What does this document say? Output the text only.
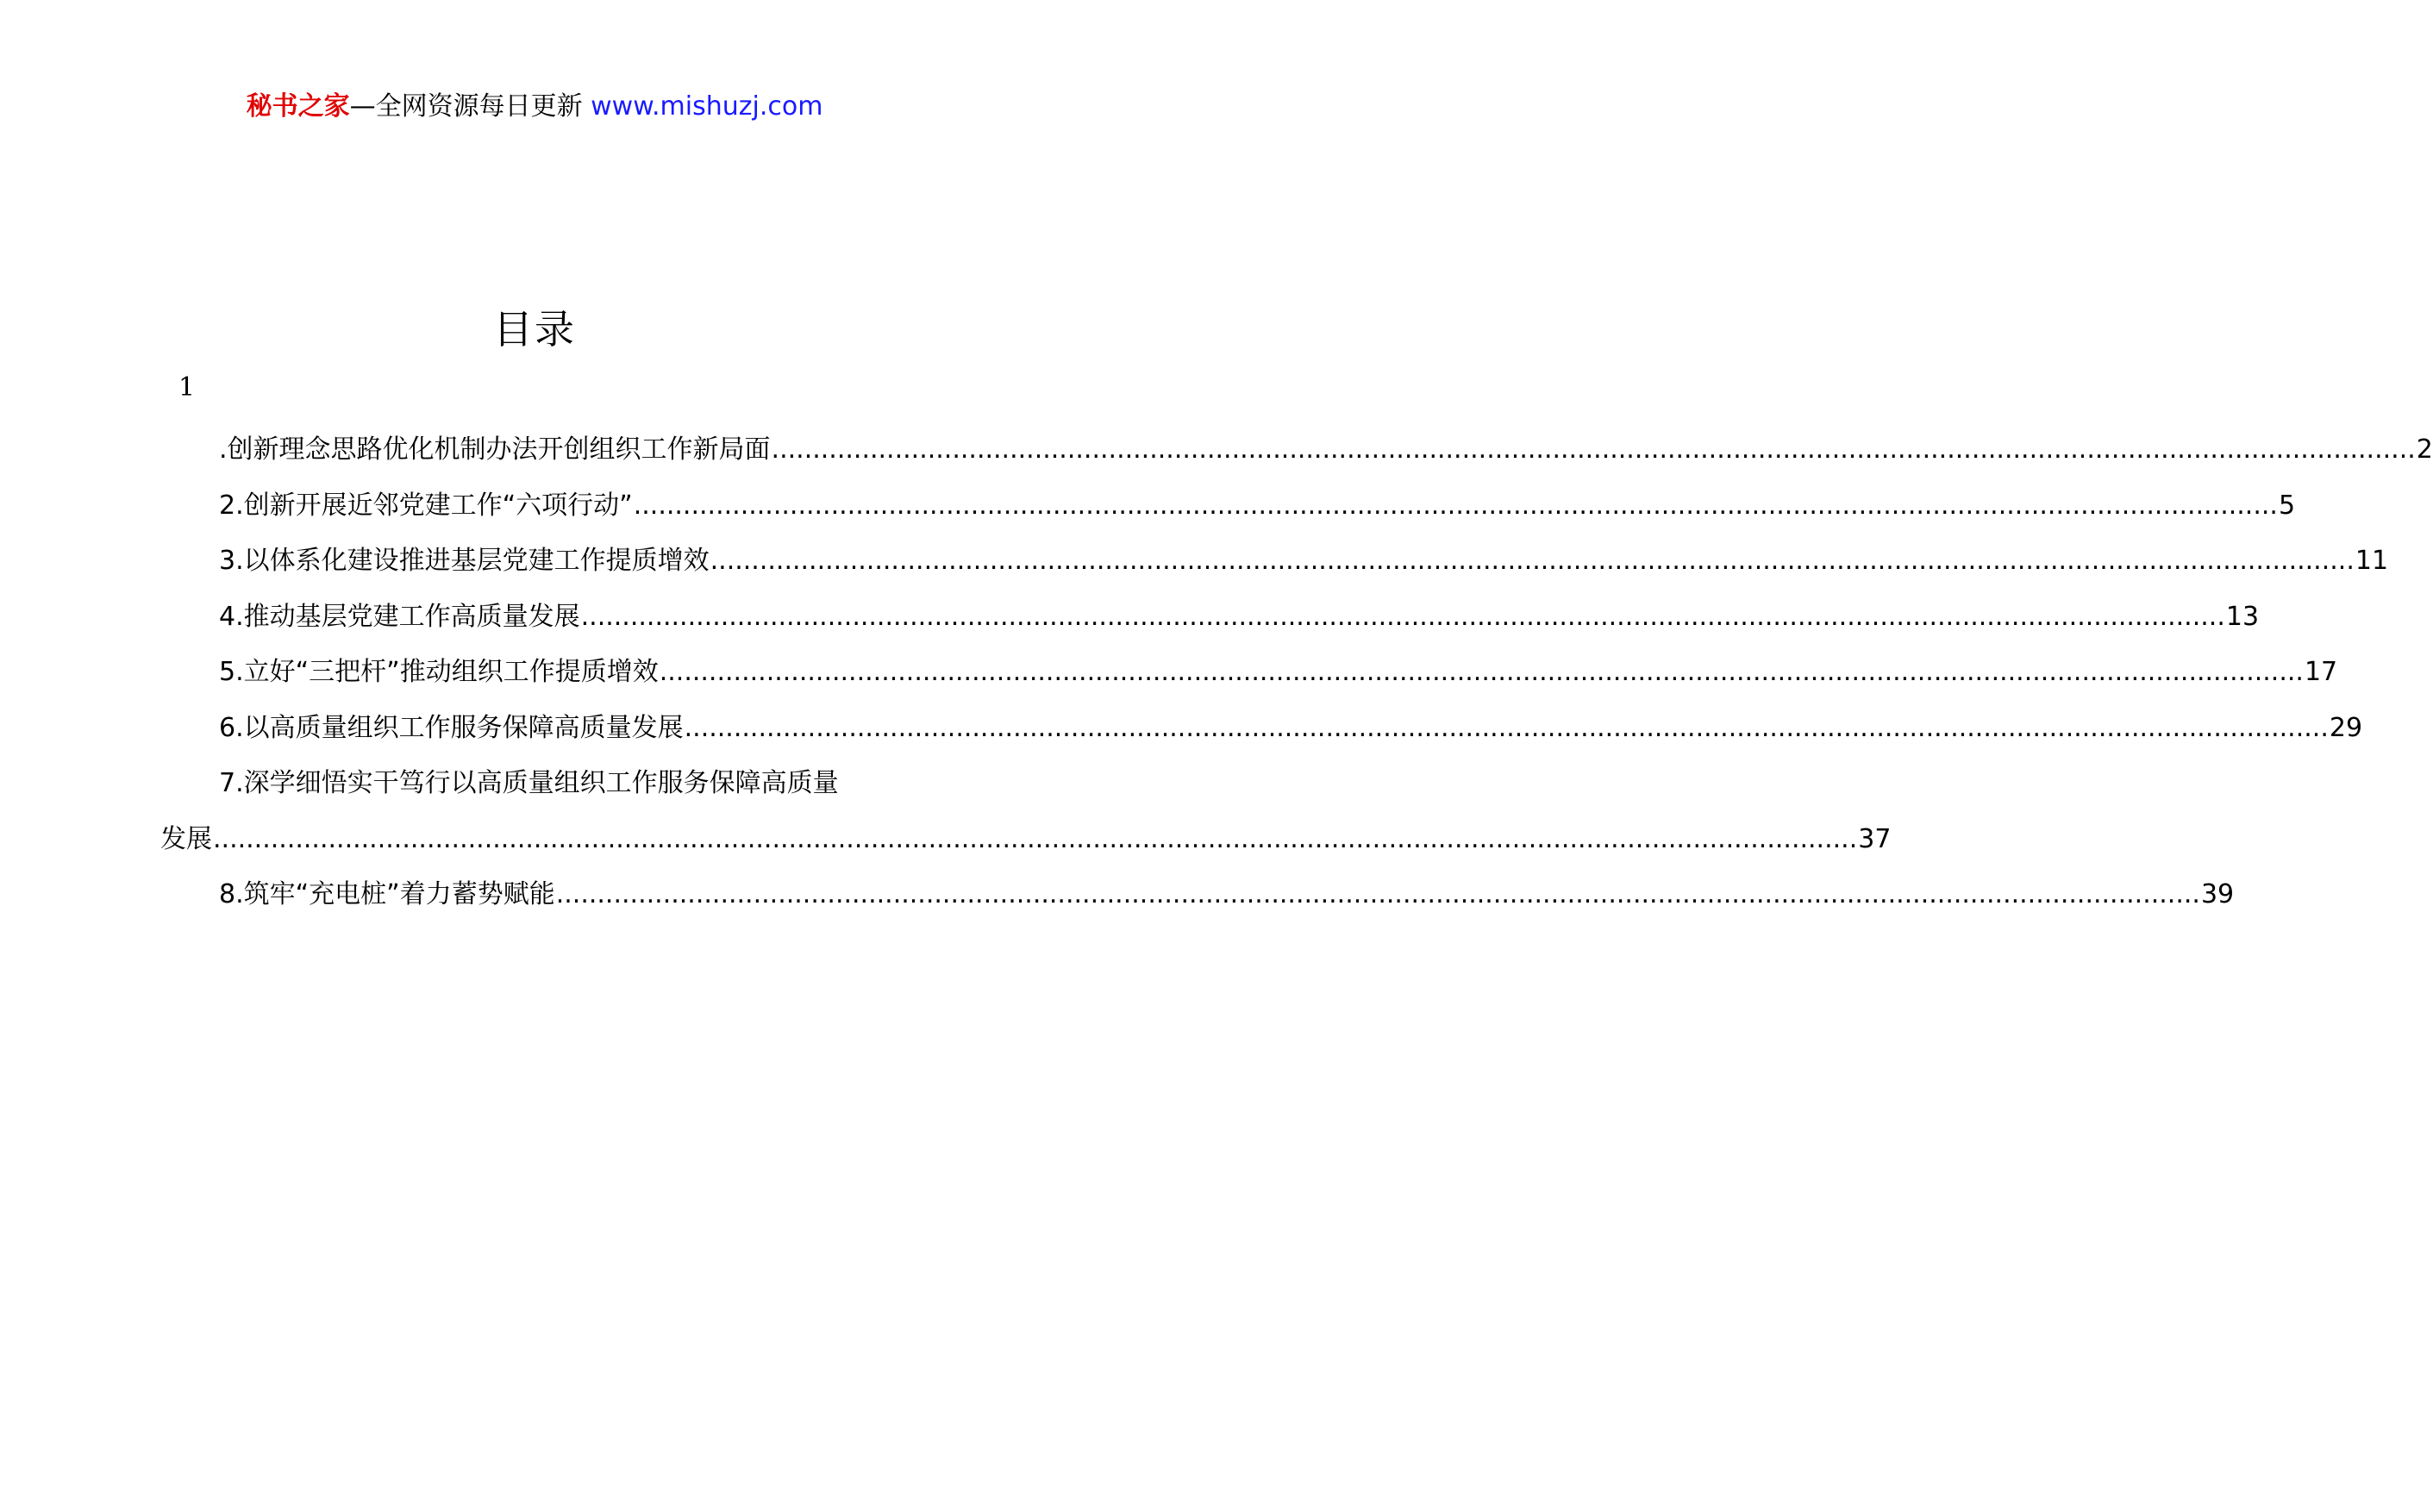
秘书之家—全网资源每日更新 www.mishuzj.com
目录
1
.创新理念思路优化机制办法开创组织工作新局面 ........................................................................................................................................................................................................ 2
2.创新开展近邻党建工作“六项行动” ........................................................................................................................................................................................................ 5
3.以体系化建设推进基层党建工作提质增效 ........................................................................................................................................................................................................ 11
4.推动基层党建工作高质量发展 ........................................................................................................................................................................................................ 13
5.立好“三把杆”推动组织工作提质增效 ........................................................................................................................................................................................................ 17
6.以高质量组织工作服务保障高质量发展 ........................................................................................................................................................................................................ 29
7.深学细悟实干笃行以高质量组织工作服务保障高质量
发展 ........................................................................................................................................................................................................ 37
8.筑牢“充电桩”着力蓄势赋能 ........................................................................................................................................................................................................ 39
